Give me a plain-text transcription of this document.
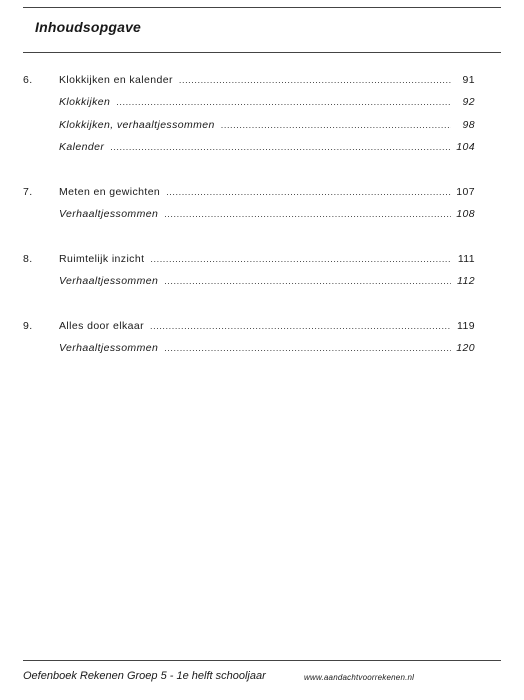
Inhoudsopgave
6.	Klokkijken en kalender .....	91
Klokkijken .....	92
Klokkijken, verhaaltjessommen .....	98
Kalender .....	104
7.	Meten en gewichten .....	107
Verhaaltjessommen .....	108
8.	Ruimtelijk inzicht .....	111
Verhaaltjessommen .....	112
9.	Alles door elkaar .....	119
Verhaaltjessommen .....	120
Oefenboek Rekenen Groep 5 - 1e helft schooljaar	www.aandachtvoorrekenen.nl
